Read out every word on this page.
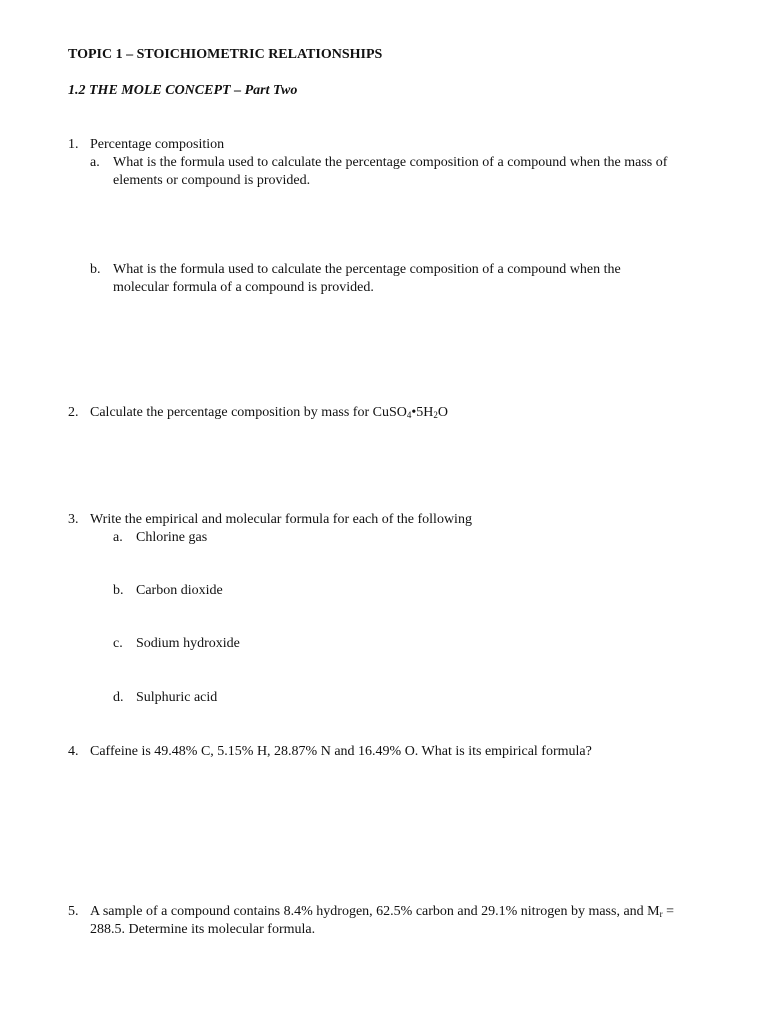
TOPIC 1 – STOICHIOMETRIC RELATIONSHIPS
1.2 THE MOLE CONCEPT – Part Two
1. Percentage composition
a. What is the formula used to calculate the percentage composition of a compound when the mass of
elements or compound is provided.
b. What is the formula used to calculate the percentage composition of a compound when the
molecular formula of a compound is provided.
2. Calculate the percentage composition by mass for $CuSO_4•5H_2O$
3. Write the empirical and molecular formula for each of the following
a. Chlorine gas
b. Carbon dioxide
c. Sodium hydroxide
d. Sulphuric acid
4. Caffeine is 49.48% C, 5.15% H, 28.87% N and 16.49% O. What is its empirical formula?
5. A sample of a compound contains 8.4% hydrogen, 62.5% carbon and 29.1% nitrogen by mass, and $M_r$ =
288.5. Determine its molecular formula.
